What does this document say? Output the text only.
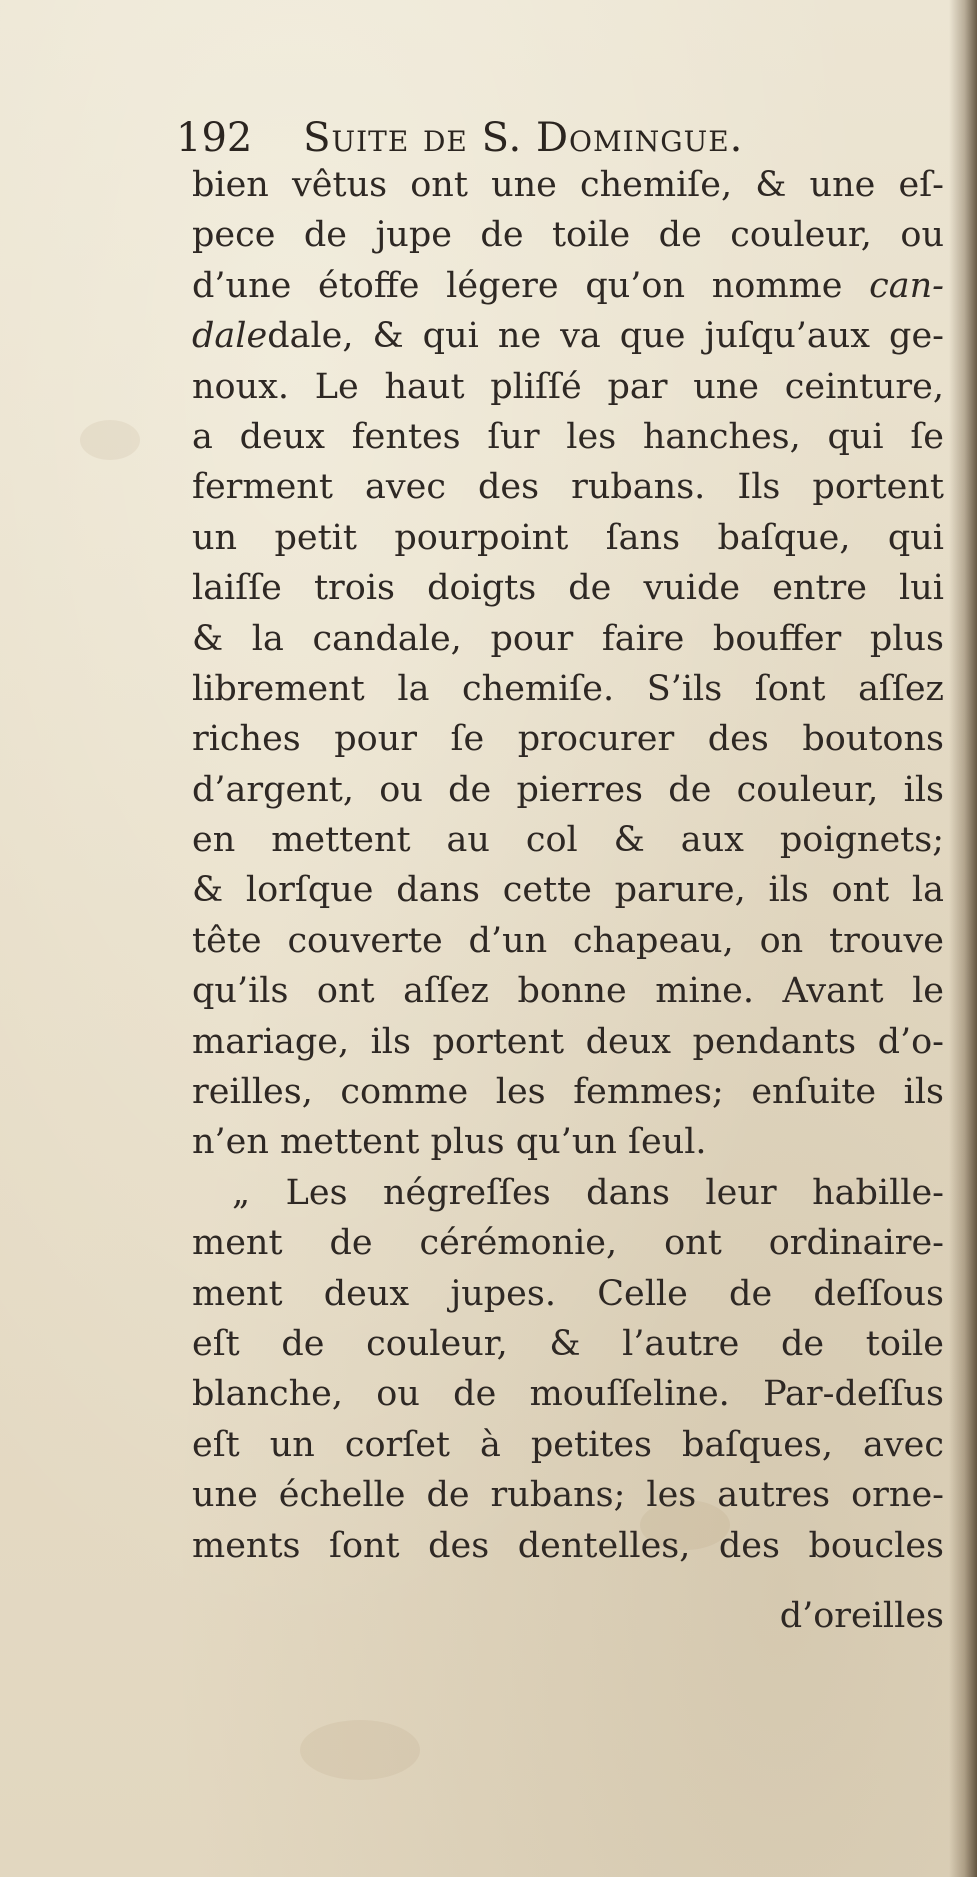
192 Suite de S. Domingue.
bien vêtus ont une chemiſe, & une eſ-
pece de jupe de toile de couleur, ou
d’une étoffe légere qu’on nomme can-
daledale, & qui ne va que juſqu’aux ge-
noux. Le haut pliſſé par une ceinture,
a deux fentes ſur les hanches, qui ſe
ferment avec des rubans. Ils portent
un petit pourpoint ſans baſque, qui
laiſſe trois doigts de vuide entre lui
& la candale, pour faire bouffer plus
librement la chemiſe. S’ils ſont aſſez
riches pour ſe procurer des boutons
d’argent, ou de pierres de couleur, ils
en mettent au col & aux poignets;
& lorſque dans cette parure, ils ont la
tête couverte d’un chapeau, on trouve
qu’ils ont aſſez bonne mine. Avant le
mariage, ils portent deux pendants d’o-
reilles, comme les femmes; enſuite ils
n’en mettent plus qu’un ſeul.
„ Les négreſſes dans leur habille-
ment de cérémonie, ont ordinaire-
ment deux jupes. Celle de deſſous
eſt de couleur, & l’autre de toile
blanche, ou de mouſſeline. Par-deſſus
eſt un corſet à petites baſques, avec
une échelle de rubans; les autres orne-
ments ſont des dentelles, des boucles
d’oreilles
